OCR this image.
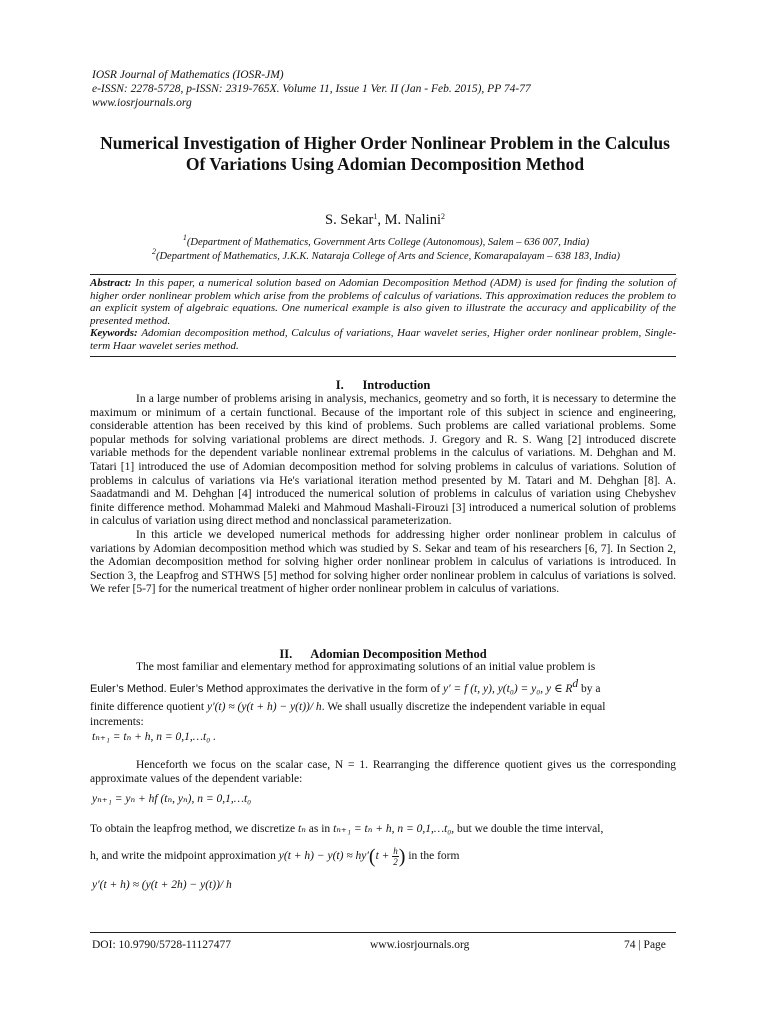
IOSR Journal of Mathematics (IOSR-JM)
e-ISSN: 2278-5728, p-ISSN: 2319-765X. Volume 11, Issue 1 Ver. II (Jan - Feb. 2015), PP 74-77
www.iosrjournals.org
Numerical Investigation of Higher Order Nonlinear Problem in the Calculus Of Variations Using Adomian Decomposition Method
S. Sekar$^1$, M. Nalini$^2$
$^1$(Department of Mathematics, Government Arts College (Autonomous), Salem – 636 007, India)
$^2$(Department of Mathematics, J.K.K. Nataraja College of Arts and Science, Komarapalayam – 638 183, India)

Abstract: In this paper, a numerical solution based on Adomian Decomposition Method (ADM) is used for finding the solution of higher order nonlinear problem which arise from the problems of calculus of variations. This approximation reduces the problem to an explicit system of algebraic equations. One numerical example is also given to illustrate the accuracy and applicability of the presented method.

Keywords: Adomian decomposition method, Calculus of variations, Haar wavelet series, Higher order nonlinear problem, Single-term Haar wavelet series method.

I.      Introduction

In a large number of problems arising in analysis, mechanics, geometry and so forth, it is necessary to determine the maximum or minimum of a certain functional. Because of the important role of this subject in science and engineering, considerable attention has been received by this kind of problems. Such problems are called variational problems. Some popular methods for solving variational problems are direct methods. J. Gregory and R. S. Wang [2] introduced discrete variable methods for the dependent variable nonlinear extremal problems in the calculus of variations. M. Dehghan and M. Tatari [1] introduced the use of Adomian decomposition method for solving problems in calculus of variations. Solution of problems in calculus of variations via He's variational iteration method presented by M. Tatari and M. Dehghan [8]. A. Saadatmandi and M. Dehghan [4] introduced the numerical solution of problems in calculus of variation using Chebyshev finite difference method. Mohammad Maleki and Mahmoud Mashali-Firouzi [3] introduced a numerical solution of problems in calculus of variation using direct method and nonclassical parameterization.

In this article we developed numerical methods for addressing higher order nonlinear problem in calculus of variations by Adomian decomposition method which was studied by S. Sekar and team of his researchers [6, 7]. In Section 2, the Adomian decomposition method for solving higher order nonlinear problem in calculus of variations is introduced. In Section 3, the Leapfrog and STHWS [5] method for solving higher order nonlinear problem in calculus of variations is solved. We refer [5-7] for the numerical treatment of higher order nonlinear problem in calculus of variations.

II.      Adomian Decomposition Method

The most familiar and elementary method for approximating solutions of an initial value problem is

Euler’s Method. Euler’s Method approximates the derivative in the form of y′ = f (t, y), y(t₀) = y₀, y ∈ $R^d$ by a
finite difference quotient y′(t) ≈ (y(t + h) − y(t))/ h. We shall usually discretize the independent variable in equal
increments:
tₙ₊₁ = tₙ + h, n = 0,1,…t₀ .

Henceforth we focus on the scalar case, N = 1. Rearranging the difference quotient gives us the corresponding approximate values of the dependent variable:

yₙ₊₁ = yₙ + hf (tₙ, yₙ), n = 0,1,…t₀
To obtain the leapfrog method, we discretize tₙ as in tₙ₊₁ = tₙ + h, n = 0,1,…t₀, but we double the time interval,
h, and write the midpoint approximation $y(t + h) - y(t) \approx hy'(t + \frac{h}{2}$ ) in the form
y′(t + h) ≈ (y(t + 2h) − y(t))/ h
DOI: 10.9790/5728-11127477	www.iosrjournals.org	74 | Page
